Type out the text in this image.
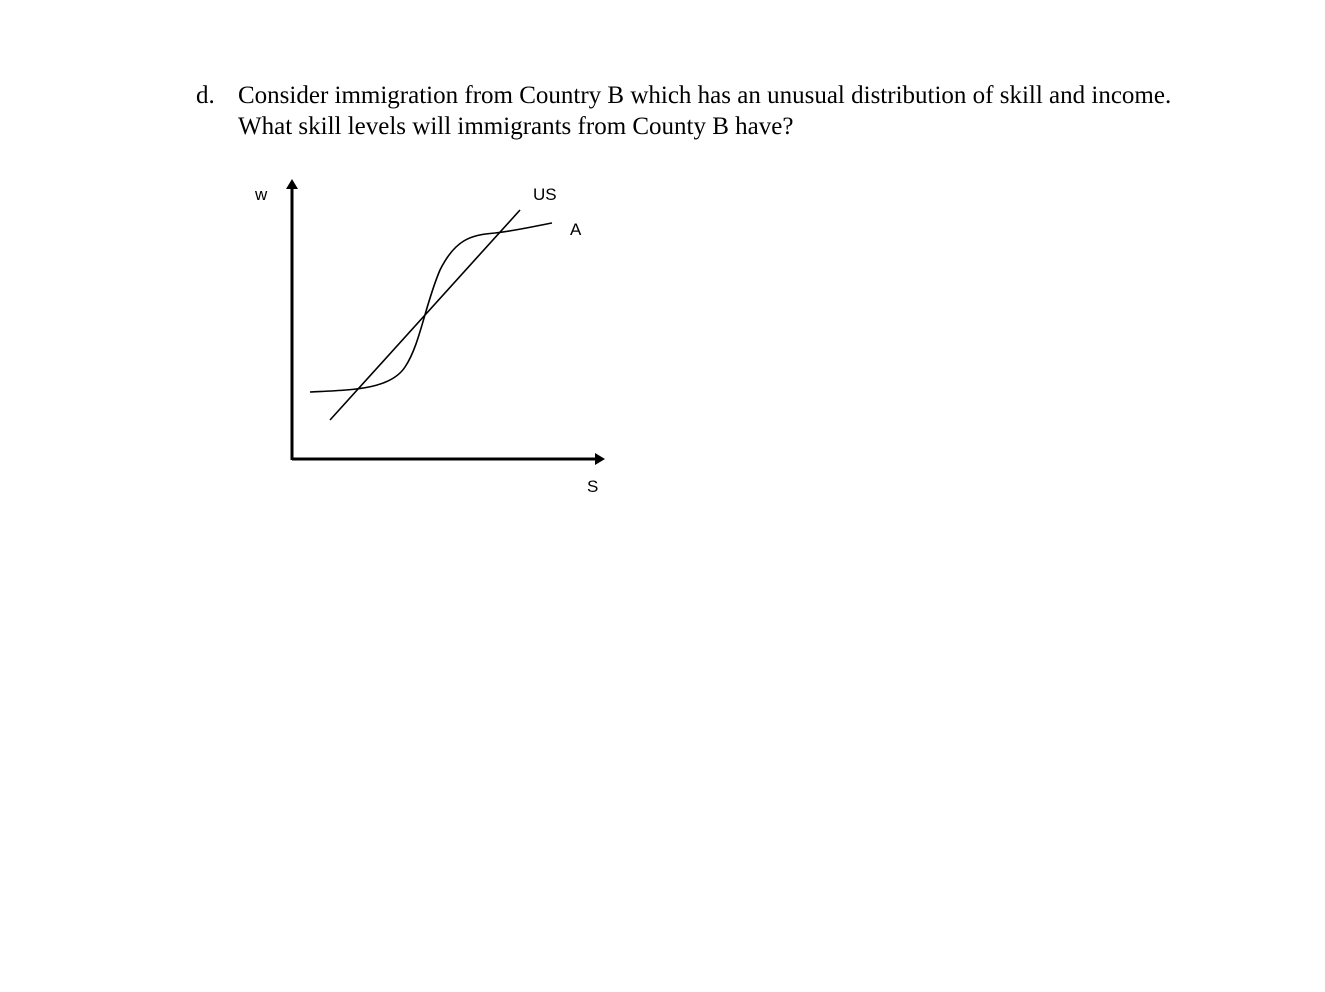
d. Consider immigration from Country B which has an unusual distribution of skill and income.
What skill levels will immigrants from County B have?
w	US
A
S
